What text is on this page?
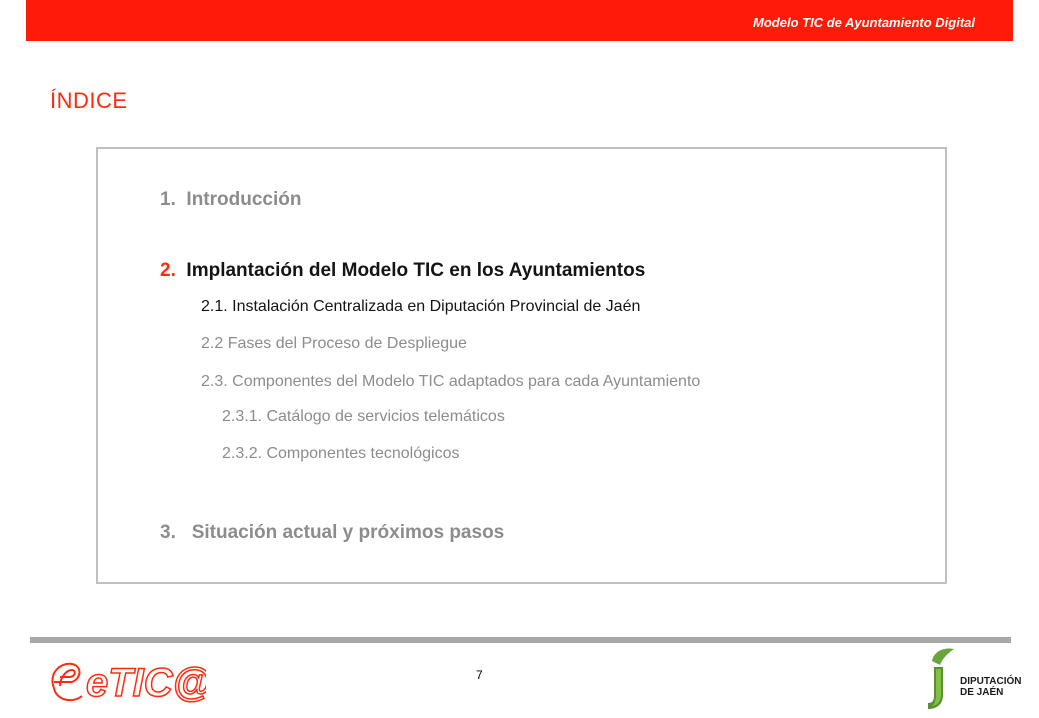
Modelo TIC de Ayuntamiento Digital
ÍNDICE
1. Introducción
2. Implantación del Modelo TIC en los Ayuntamientos
2.1. Instalación Centralizada en Diputación Provincial de Jaén
2.2 Fases del Proceso de Despliegue
2.3. Componentes del Modelo TIC adaptados para cada Ayuntamiento
2.3.1. Catálogo de servicios telemáticos
2.3.2. Componentes tecnológicos
3. Situación actual y próximos pasos
7
eTIC@	DIPUTACIÓN
DE JAÉN
